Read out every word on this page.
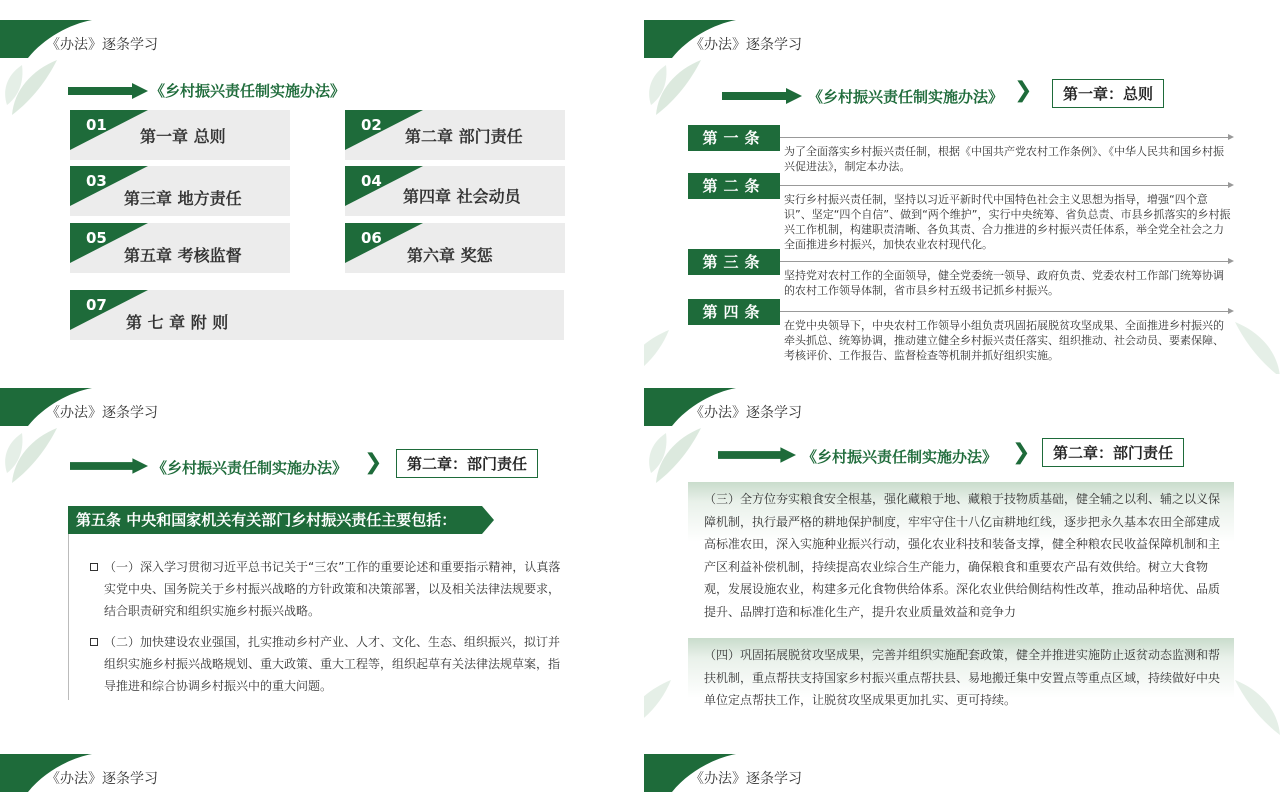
《办法》逐条学习
《乡村振兴责任制实施办法》
01
第一章 总则
02
第二章 部门责任
03
第三章 地方责任
04
第四章 社会动员
05
第五章 考核监督
06
第六章 奖惩
07
第 七 章 附 则
《办法》逐条学习
《乡村振兴责任制实施办法》 ❯	第一章：总则
第一条
为了全面落实乡村振兴责任制，根据《中国共产党农村工作条例》、《中华人民共和国乡村振兴促进法》，制定本办法。
第二条
实行乡村振兴责任制，坚持以习近平新时代中国特色社会主义思想为指导，增强“四个意识”、坚定“四个自信”、做到“两个维护”，实行中央统筹、省负总责、市县乡抓落实的乡村振兴工作机制，构建职责清晰、各负其责、合力推进的乡村振兴责任体系，举全党全社会之力全面推进乡村振兴，加快农业农村现代化。
第三条
坚持党对农村工作的全面领导，健全党委统一领导、政府负责、党委农村工作部门统筹协调的农村工作领导体制，省市县乡村五级书记抓乡村振兴。
第四条
在党中央领导下，中央农村工作领导小组负责巩固拓展脱贫攻坚成果、全面推进乡村振兴的牵头抓总、统筹协调，推动建立健全乡村振兴责任落实、组织推动、社会动员、要素保障、考核评价、工作报告、监督检查等机制并抓好组织实施。
《办法》逐条学习
《乡村振兴责任制实施办法》 ❯	第二章：部门责任
第五条 中央和国家机关有关部门乡村振兴责任主要包括：
（一）深入学习贯彻习近平总书记关于“三农”工作的重要论述和重要指示精神，认真落实党中央、国务院关于乡村振兴战略的方针政策和决策部署，以及相关法律法规要求，结合职责研究和组织实施乡村振兴战略。
（二）加快建设农业强国，扎实推动乡村产业、人才、文化、生态、组织振兴，拟订并组织实施乡村振兴战略规划、重大政策、重大工程等，组织起草有关法律法规草案，指导推进和综合协调乡村振兴中的重大问题。
《办法》逐条学习
《乡村振兴责任制实施办法》 ❯	第二章：部门责任
（三）全方位夯实粮食安全根基，强化藏粮于地、藏粮于技物质基础，健全辅之以利、辅之以义保障机制，执行最严格的耕地保护制度，牢牢守住十八亿亩耕地红线，逐步把永久基本农田全部建成高标准农田，深入实施种业振兴行动，强化农业科技和装备支撑，健全种粮农民收益保障机制和主产区利益补偿机制，持续提高农业综合生产能力，确保粮食和重要农产品有效供给。树立大食物观，发展设施农业，构建多元化食物供给体系。深化农业供给侧结构性改革，推动品种培优、品质提升、品牌打造和标准化生产，提升农业质量效益和竞争力
（四）巩固拓展脱贫攻坚成果，完善并组织实施配套政策，健全并推进实施防止返贫动态监测和帮扶机制，重点帮扶支持国家乡村振兴重点帮扶县、易地搬迁集中安置点等重点区域，持续做好中央单位定点帮扶工作，让脱贫攻坚成果更加扎实、更可持续。
《办法》逐条学习	《办法》逐条学习
